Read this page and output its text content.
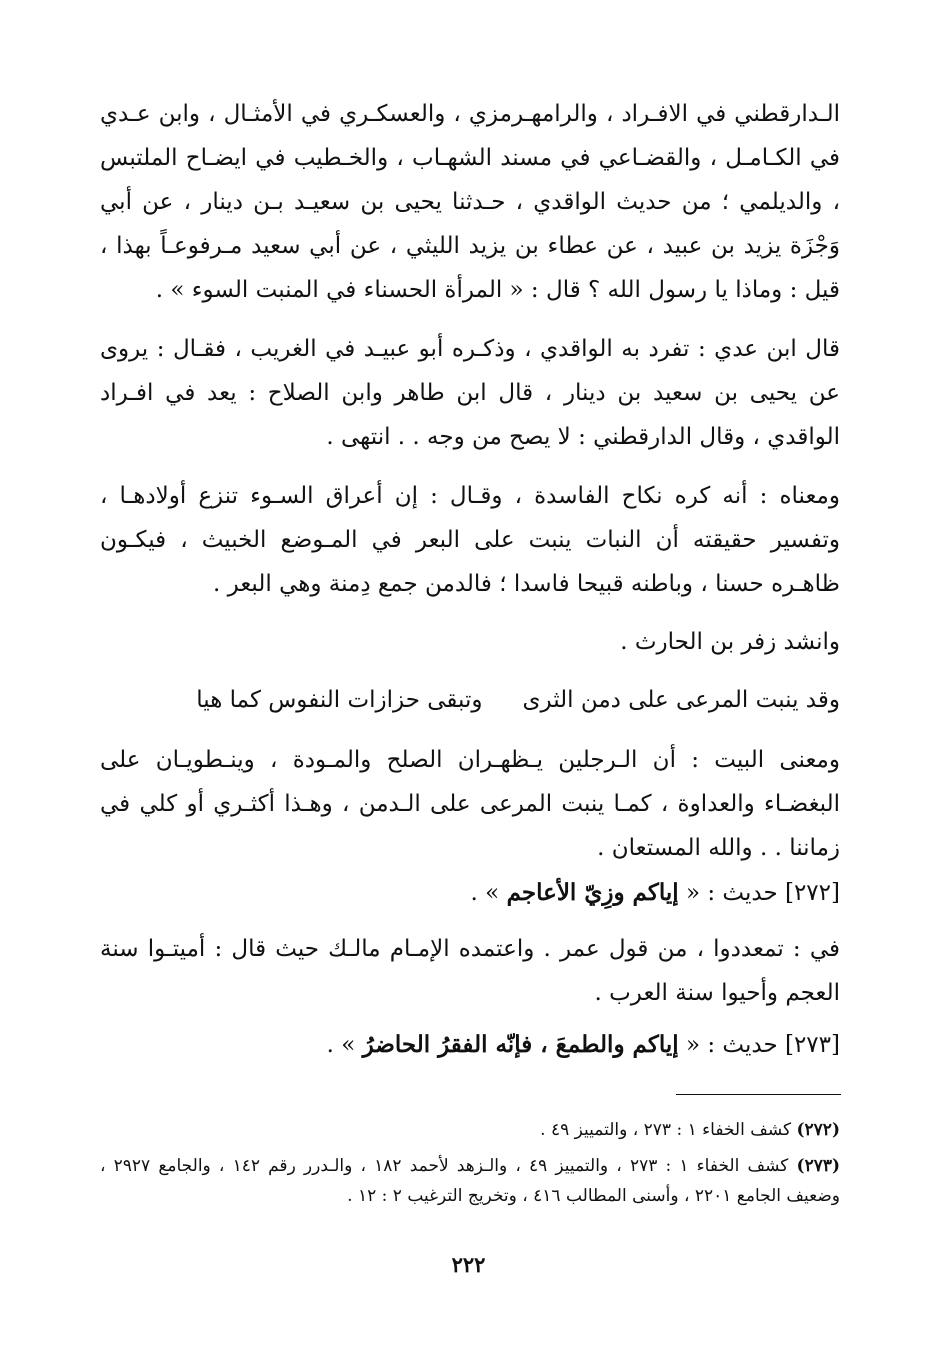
الـدارقطني في الافـراد ، والرامهـرمزي ، والعسكـري في الأمثـال ، وابن عـدي في الكـامـل ، والقضـاعي في مسند الشهـاب ، والخـطيب في ايضـاح الملتبس ، والديلمي ؛ من حديث الواقدي ، حـدثنا يحيى بن سعيـد بـن دينار ، عن أبي وَجْزَة يزيد بن عبيد ، عن عطاء بن يزيد الليثي ، عن أبي سعيد مـرفوعـاً بهذا ، قيل : وماذا يا رسول الله ؟ قال : « المرأة الحسناء في المنبت السوء » .

قال ابن عدي : تفرد به الواقدي ، وذكـره أبو عبيـد في الغريب ، فقـال : يروى عن يحيى بن سعيد بن دينار ، قال ابن طاهر وابن الصلاح : يعد في افـراد الواقدي ، وقال الدارقطني : لا يصح من وجه . . انتهى .

ومعناه : أنه كره نكاح الفاسدة ، وقـال : إن أعراق السـوء تنزع أولادهـا ، وتفسير حقيقته أن النبات ينبت على البعر في المـوضع الخبيث ، فيكـون ظاهـره حسنا ، وباطنه قبيحا فاسدا ؛ فالدمن جمع دِمنة وهي البعر .

وانشد زفر بن الحارث .

وقد ينبت المرعى على دمن الثرى
وتبقى حزازات النفوس كما هيا

ومعنى البيت : أن الـرجلين يـظهـران الصلح والمـودة ، وينـطويـان على البغضـاء والعداوة ، كمـا ينبت المرعى على الـدمن ، وهـذا أكثـري أو كلي في زماننا . . والله المستعان .

[٢٧٢] حديث : « إياكم وزِيّ الأعاجم » .

في : تمعددوا ، من قول عمر . واعتمده الإمـام مالـك حيث قال : أميتـوا سنة العجم وأحيوا سنة العرب .

[٢٧٣] حديث : « إياكم والطمعَ ، فإنّه الفقرُ الحاضرُ » .

(٢٧٢) كشف الخفاء ١ : ٢٧٣ ، والتمييز ٤٩ .

(٢٧٣) كشف الخفاء ١ : ٢٧٣ ، والتمييز ٤٩ ، والـزهد لأحمد ١٨٢ ، والـدرر رقم ١٤٢ ، والجامع ٢٩٢٧ ، وضعيف الجامع ٢٢٠١ ، وأسنى المطالب ٤١٦ ، وتخريج الترغيب ٢ : ١٢ .

٢٢٢
